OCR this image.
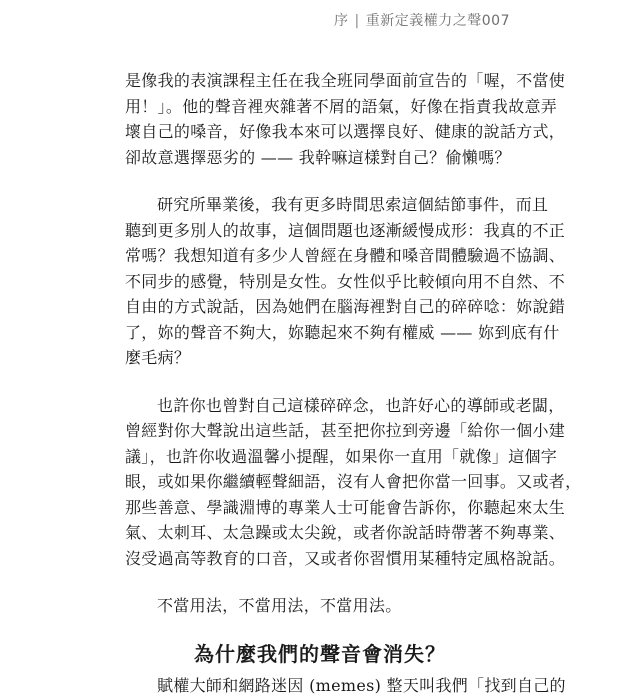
序 | 重新定義權力之聲007
是像我的表演課程主任在我全班同學面前宣告的「喔，不當使
用！」。他的聲音裡夾雜著不屑的語氣，好像在指責我故意弄
壞自己的嗓音，好像我本來可以選擇良好、健康的說話方式，
卻故意選擇惡劣的 —— 我幹嘛這樣對自己？偷懶嗎？
研究所畢業後，我有更多時間思索這個結節事件，而且
聽到更多別人的故事，這個問題也逐漸緩慢成形：我真的不正
常嗎？我想知道有多少人曾經在身體和嗓音間體驗過不協調、
不同步的感覺，特別是女性。女性似乎比較傾向用不自然、不
自由的方式說話，因為她們在腦海裡對自己的碎碎唸：妳說錯
了，妳的聲音不夠大，妳聽起來不夠有權威 —— 妳到底有什
麼毛病？
也許你也曾對自己這樣碎碎念，也許好心的導師或老闆，
曾經對你大聲說出這些話，甚至把你拉到旁邊「給你一個小建
議」，也許你收過溫馨小提醒，如果你一直用「就像」這個字
眼，或如果你繼續輕聲細語，沒有人會把你當一回事。又或者，
那些善意、學識淵博的專業人士可能會告訴你，你聽起來太生
氣、太刺耳、太急躁或太尖銳，或者你說話時帶著不夠專業、
沒受過高等教育的口音，又或者你習慣用某種特定風格說話。
不當用法，不當用法，不當用法。
為什麼我們的聲音會消失？
賦權大師和網路迷因 (memes) 整天叫我們「找到自己的
